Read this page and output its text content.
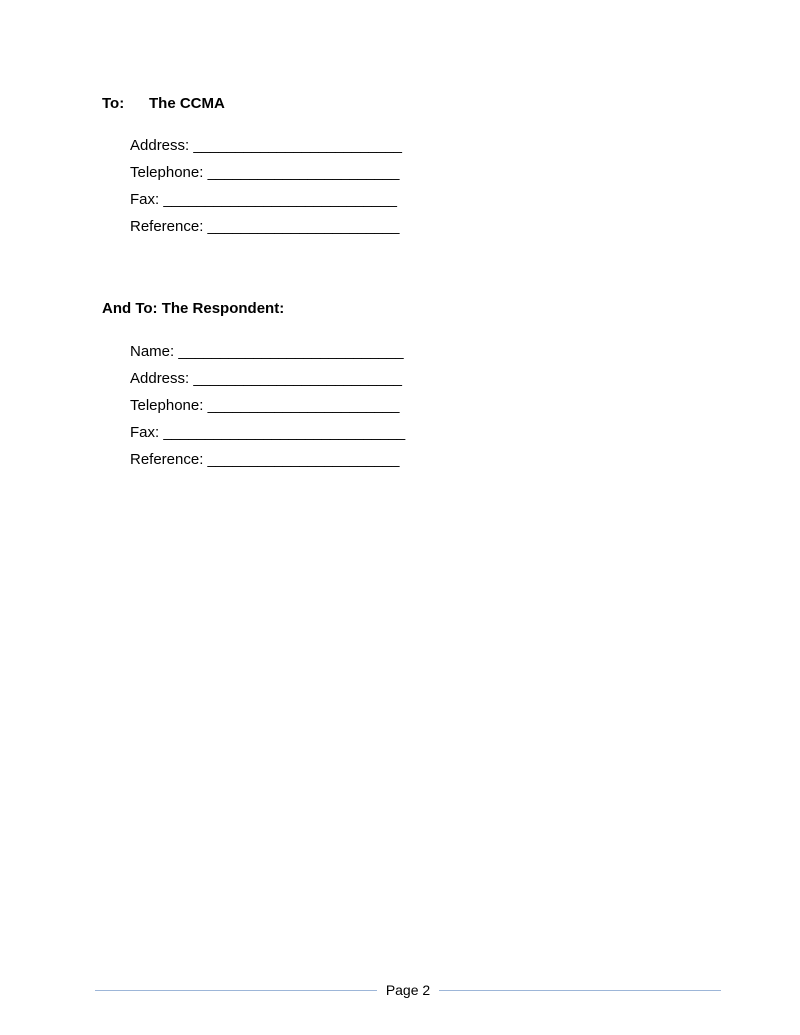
To: The CCMA
Address: _________________________
Telephone: _______________________
Fax: ____________________________
Reference: _______________________
And To: The Respondent:
Name: ___________________________
Address: _________________________
Telephone: _______________________
Fax: _____________________________
Reference: _______________________
Page 2
